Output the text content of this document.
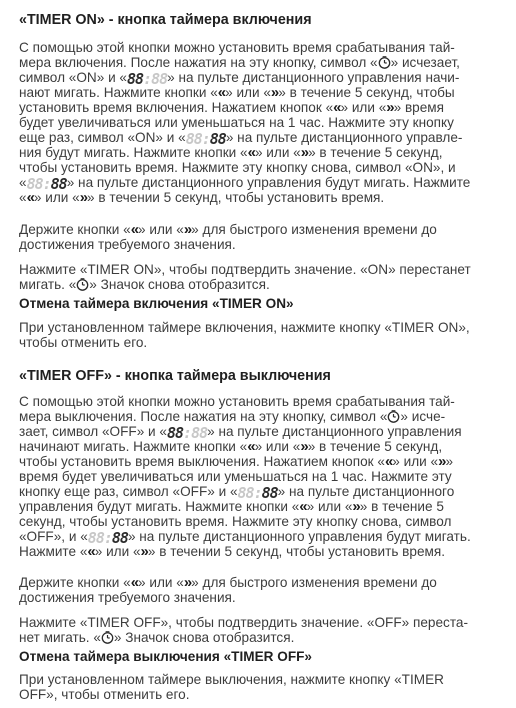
«TIMER ON» - кнопка таймера включения
С помощью этой кнопки можно установить время срабатывания тай-
мера включения. После нажатия на эту кнопку, символ « » исчезает,
символ «ON» и «88:88» на пульте дистанционного управления начи-
нают мигать. Нажмите кнопки ««» или «»» в течение 5 секунд, чтобы
установить время включения. Нажатием кнопок ««» или «»» время
будет увеличиваться или уменьшаться на 1 час. Нажмите эту кнопку
еще раз, символ «ON» и «88:88» на пульте дистанционного управле-
ния будут мигать. Нажмите кнопки ««» или «»» в течение 5 секунд,
чтобы установить время. Нажмите эту кнопку снова, символ «ON», и
«88:88» на пульте дистанционного управления будут мигать. Нажмите
««» или «»» в течении 5 секунд, чтобы установить время.
Держите кнопки ««» или «»» для быстрого изменения времени до
достижения требуемого значения.
Нажмите «TIMER ON», чтобы подтвердить значение. «ON» перестанет
мигать. « » Значок снова отобразится.
Отмена таймера включения «TIMER ON»
При установленном таймере включения, нажмите кнопку «TIMER ON»,
чтобы отменить его.
«TIMER OFF» - кнопка таймера выключения
С помощью этой кнопки можно установить время срабатывания тай-
мера выключения. После нажатия на эту кнопку, символ « » исче-
зает, символ «OFF» и «88:88» на пульте дистанционного управления
начинают мигать. Нажмите кнопки ««» или «»» в течение 5 секунд,
чтобы установить время выключения. Нажатием кнопок ««» или «»»
время будет увеличиваться или уменьшаться на 1 час. Нажмите эту
кнопку еще раз, символ «OFF» и «88:88» на пульте дистанционного
управления будут мигать. Нажмите кнопки ««» или «»» в течение 5
секунд, чтобы установить время. Нажмите эту кнопку снова, символ
«OFF», и «88:88» на пульте дистанционного управления будут мигать.
Нажмите ««» или «»» в течении 5 секунд, чтобы установить время.
Держите кнопки ««» или «»» для быстрого изменения времени до
достижения требуемого значения.
Нажмите «TIMER OFF», чтобы подтвердить значение. «OFF» переста-
нет мигать. « » Значок снова отобразится.
Отмена таймера выключения «TIMER OFF»
При установленном таймере выключения, нажмите кнопку «TIMER
OFF», чтобы отменить его.
